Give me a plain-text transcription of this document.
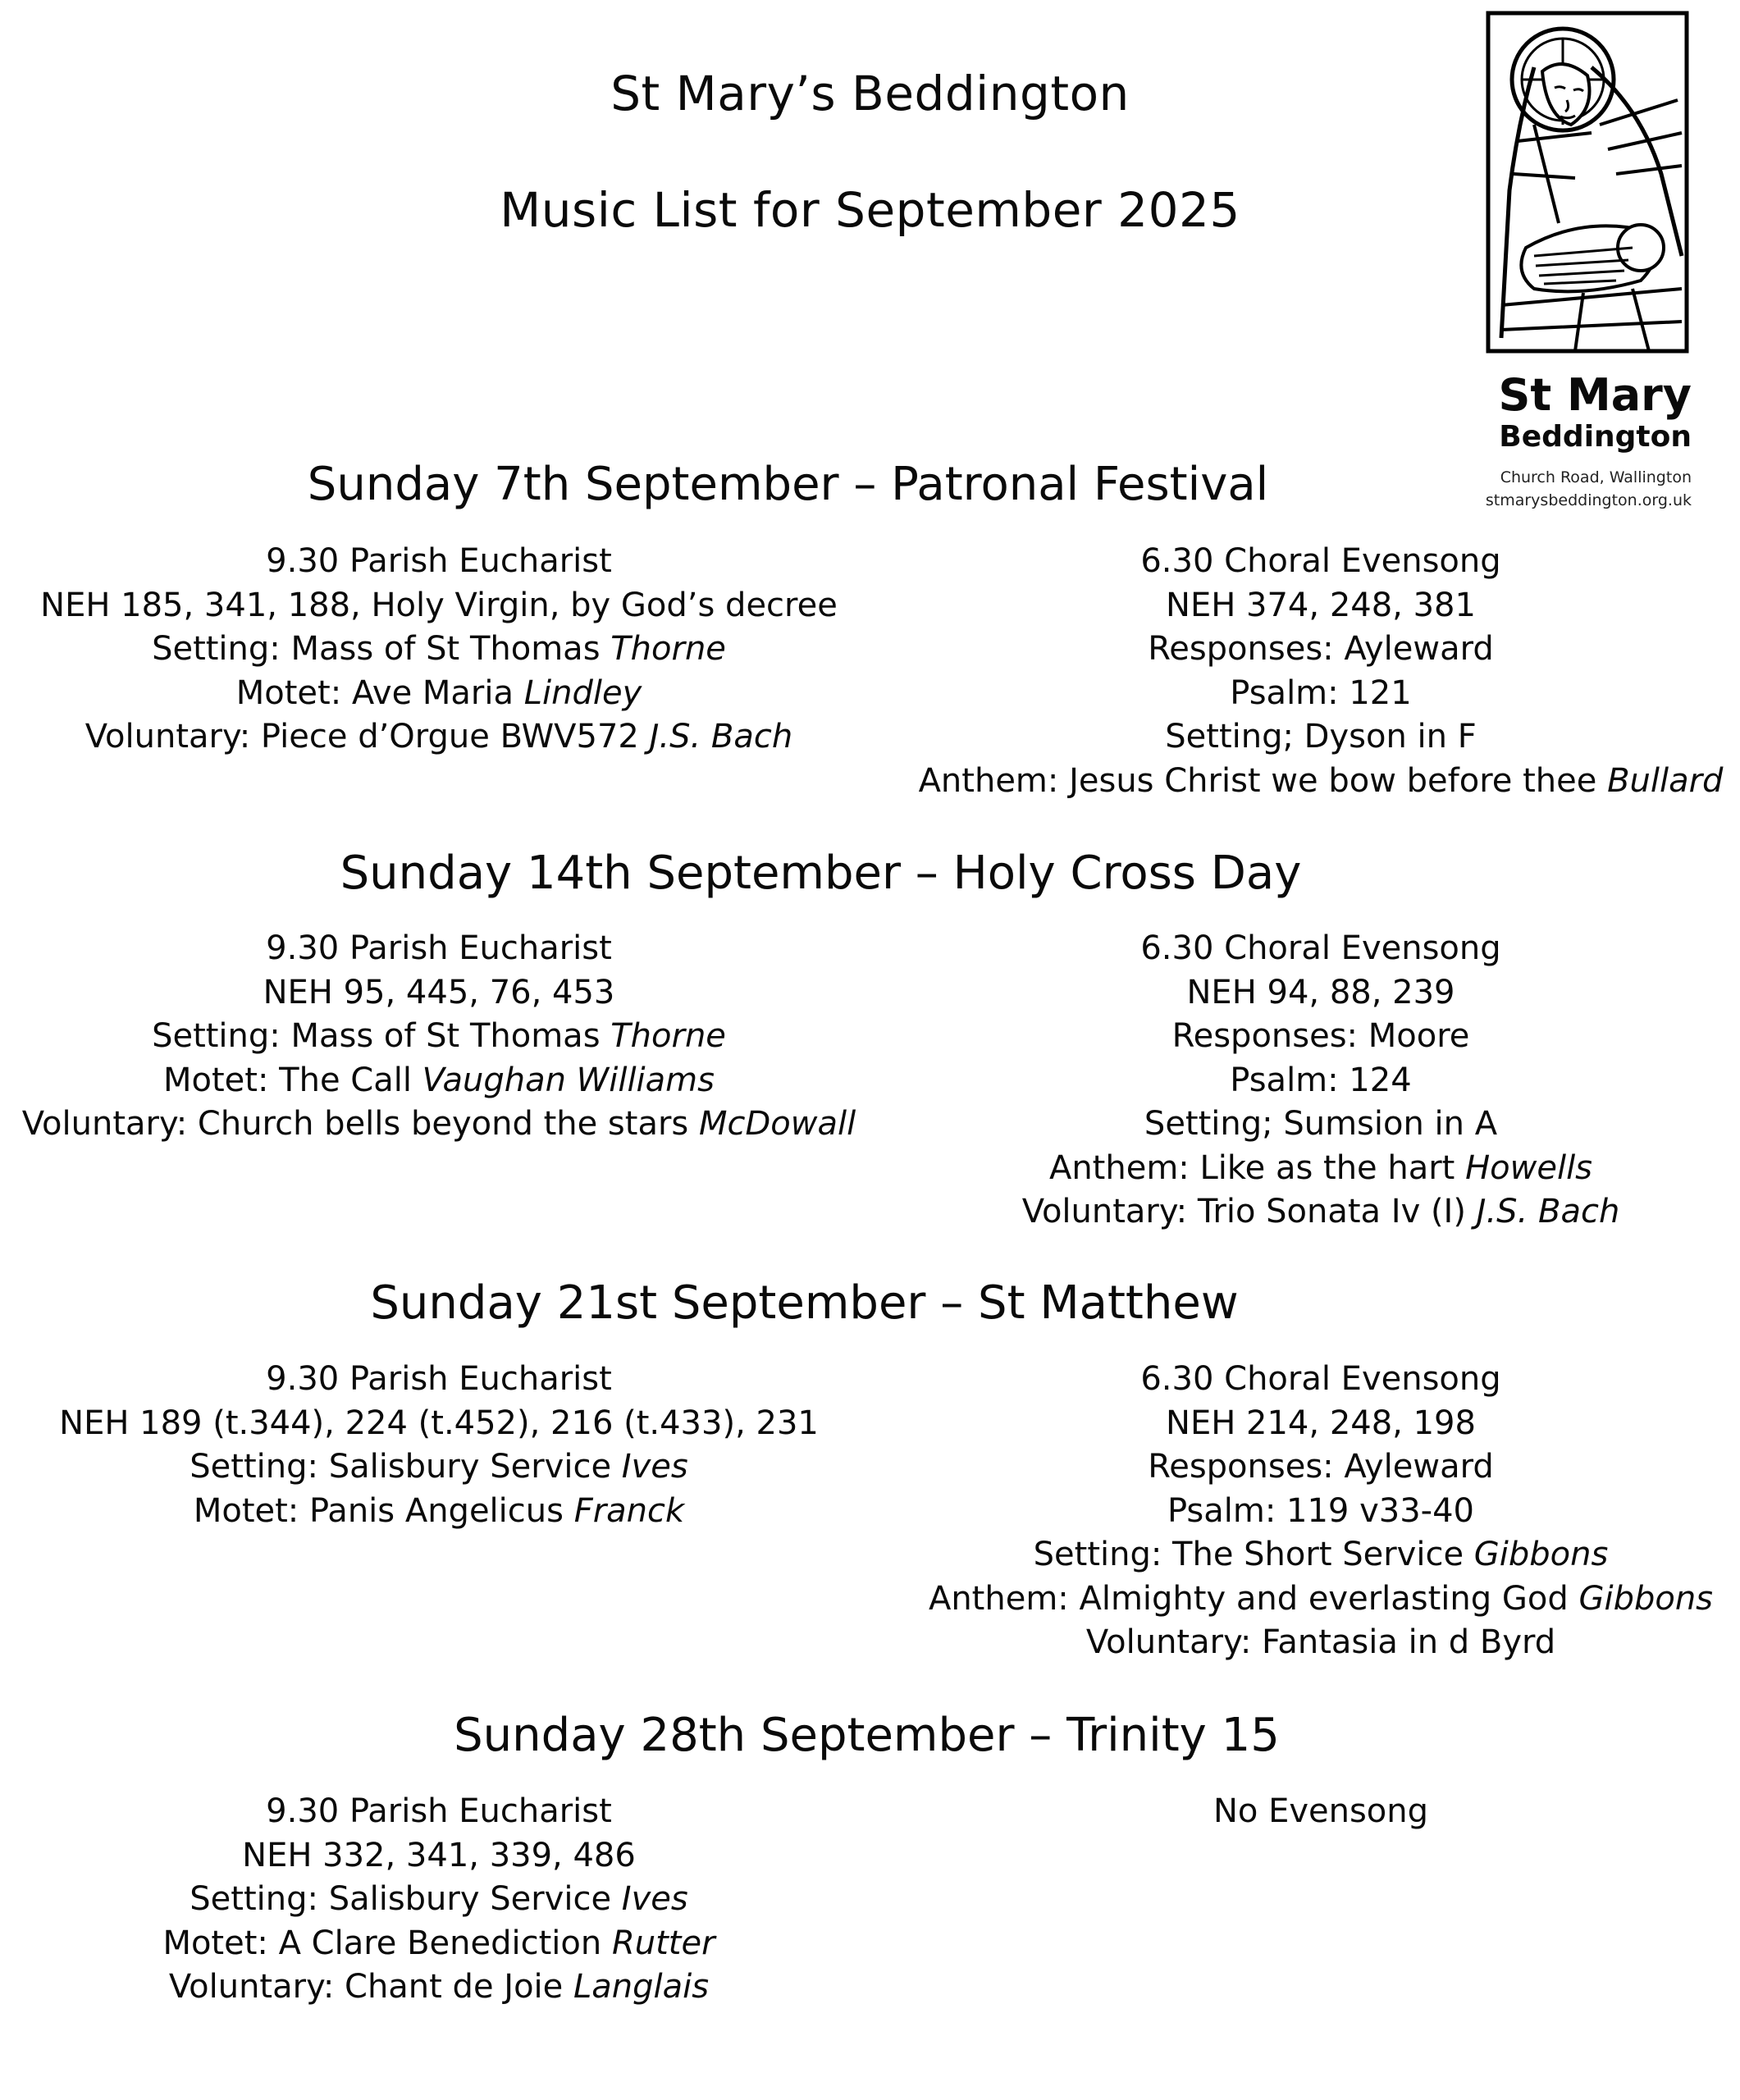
St Mary’s Beddington
Music List for September 2025
St Mary
Beddington
Church Road, Wallington
stmarysbeddington.org.uk
Sunday 7th September – Patronal Festival
9.30 Parish Eucharist
NEH 185, 341, 188, Holy Virgin, by God’s decree
Setting: Mass of St Thomas Thorne
Motet: Ave Maria Lindley
Voluntary: Piece d’Orgue BWV572 J.S. Bach
6.30 Choral Evensong
NEH 374, 248, 381
Responses: Ayleward
Psalm: 121
Setting; Dyson in F
Anthem: Jesus Christ we bow before thee Bullard
Sunday 14th September – Holy Cross Day
9.30 Parish Eucharist
NEH 95, 445, 76, 453
Setting: Mass of St Thomas Thorne
Motet: The Call Vaughan Williams
Voluntary: Church bells beyond the stars McDowall
6.30 Choral Evensong
NEH 94, 88, 239
Responses: Moore
Psalm: 124
Setting; Sumsion in A
Anthem: Like as the hart Howells
Voluntary: Trio Sonata Iv (I) J.S. Bach
Sunday 21st September – St Matthew
9.30 Parish Eucharist
NEH 189 (t.344), 224 (t.452), 216 (t.433), 231
Setting: Salisbury Service Ives
Motet: Panis Angelicus Franck
6.30 Choral Evensong
NEH 214, 248, 198
Responses: Ayleward
Psalm: 119 v33-40
Setting: The Short Service Gibbons
Anthem: Almighty and everlasting God Gibbons
Voluntary: Fantasia in d Byrd
Sunday 28th September – Trinity 15
9.30 Parish Eucharist
NEH 332, 341, 339, 486
Setting: Salisbury Service Ives
Motet: A Clare Benediction Rutter
Voluntary: Chant de Joie Langlais
No Evensong
